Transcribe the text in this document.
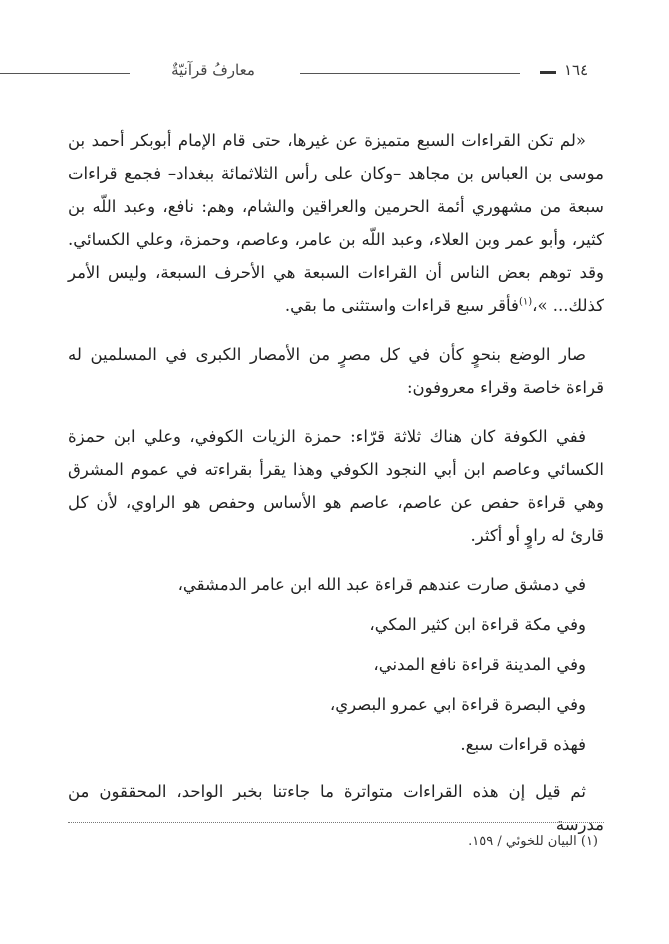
معارفُ قرآنيّةٌ	١٦٤

«لم تكن القراءات السبع متميزة عن غيرها، حتى قام الإمام أبوبكر أحمد بن موسى بن العباس بن مجاهد –وكان على رأس الثلاثمائة ببغداد– فجمع قراءات سبعة من مشهوري أئمة الحرمين والعراقين والشام، وهم: نافع، وعبد اللّه بن كثير، وأبو عمر وبن العلاء، وعبد اللّه بن عامر، وعاصم، وحمزة، وعلي الكسائي. وقد توهم بعض الناس أن القراءات السبعة هي الأحرف السبعة، وليس الأمر كذلك... »،$^{(١)}$فأقر سبع قراءات واستثنى ما بقي.

صار الوضع بنحوٍ كأن في كل مصرٍ من الأمصار الكبرى في المسلمين له قراءة خاصة وقراء معروفون:

ففي الكوفة كان هناك ثلاثة قرّاء: حمزة الزيات الكوفي، وعلي ابن حمزة الكسائي وعاصم ابن أبي النجود الكوفي وهذا يقرأ بقراءته في عموم المشرق وهي قراءة حفص عن عاصم، عاصم هو الأساس وحفص هو الراوي، لأن كل قارئ له راوٍ أو أكثر.

في دمشق صارت عندهم قراءة عبد الله ابن عامر الدمشقي،

وفي مكة قراءة ابن كثير المكي،

وفي المدينة قراءة نافع المدني،

وفي البصرة قراءة ابي عمرو البصري،

فهذه قراءات سبع.

ثم قيل إن هذه القراءات متواترة ما جاءتنا بخبر الواحد، المحققون من مدرسة

(١) البيان للخوئي / ١٥٩.
